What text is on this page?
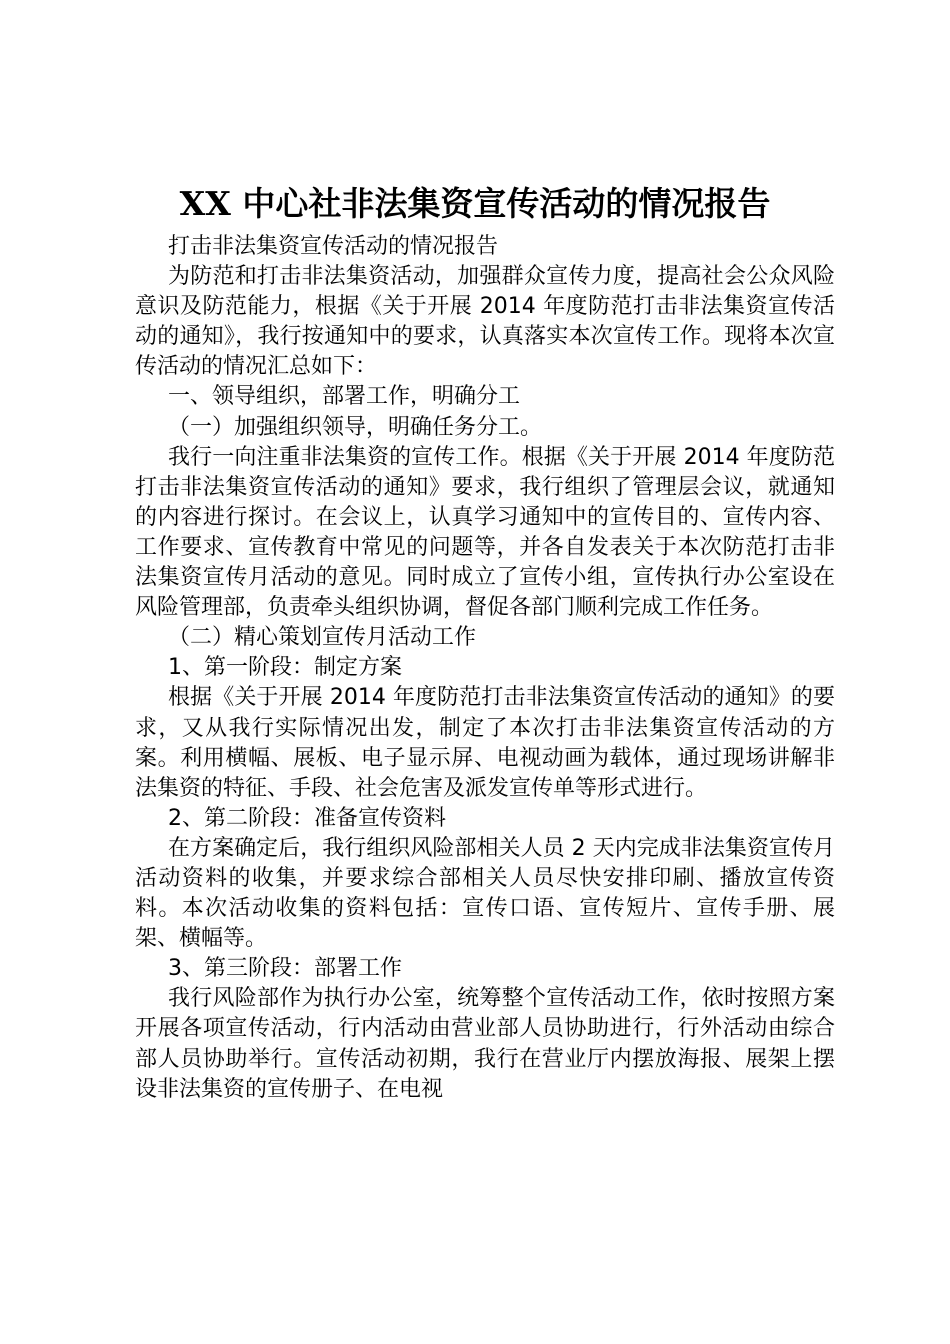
XX 中心社非法集资宣传活动的情况报告

打击非法集资宣传活动的情况报告

为防范和打击非法集资活动，加强群众宣传力度，提高社会公众风险意识及防范能力，根据《关于开展 2014 年度防范打击非法集资宣传活动的通知》，我行按通知中的要求，认真落实本次宣传工作。现将本次宣传活动的情况汇总如下：

一、领导组织，部署工作，明确分工

（一）加强组织领导，明确任务分工。

我行一向注重非法集资的宣传工作。根据《关于开展 2014 年度防范打击非法集资宣传活动的通知》要求，我行组织了管理层会议，就通知的内容进行探讨。在会议上，认真学习通知中的宣传目的、宣传内容、工作要求、宣传教育中常见的问题等，并各自发表关于本次防范打击非法集资宣传月活动的意见。同时成立了宣传小组，宣传执行办公室设在风险管理部，负责牵头组织协调，督促各部门顺利完成工作任务。

（二）精心策划宣传月活动工作

1、第一阶段：制定方案

根据《关于开展 2014 年度防范打击非法集资宣传活动的通知》的要求，又从我行实际情况出发，制定了本次打击非法集资宣传活动的方案。利用横幅、展板、电子显示屏、电视动画为载体，通过现场讲解非法集资的特征、手段、社会危害及派发宣传单等形式进行。

2、第二阶段：准备宣传资料

在方案确定后，我行组织风险部相关人员 2 天内完成非法集资宣传月活动资料的收集，并要求综合部相关人员尽快安排印刷、播放宣传资料。本次活动收集的资料包括：宣传口语、宣传短片、宣传手册、展架、横幅等。

3、第三阶段：部署工作

我行风险部作为执行办公室，统筹整个宣传活动工作，依时按照方案开展各项宣传活动，行内活动由营业部人员协助进行，行外活动由综合部人员协助举行。宣传活动初期，我行在营业厅内摆放海报、展架上摆设非法集资的宣传册子、在电视
